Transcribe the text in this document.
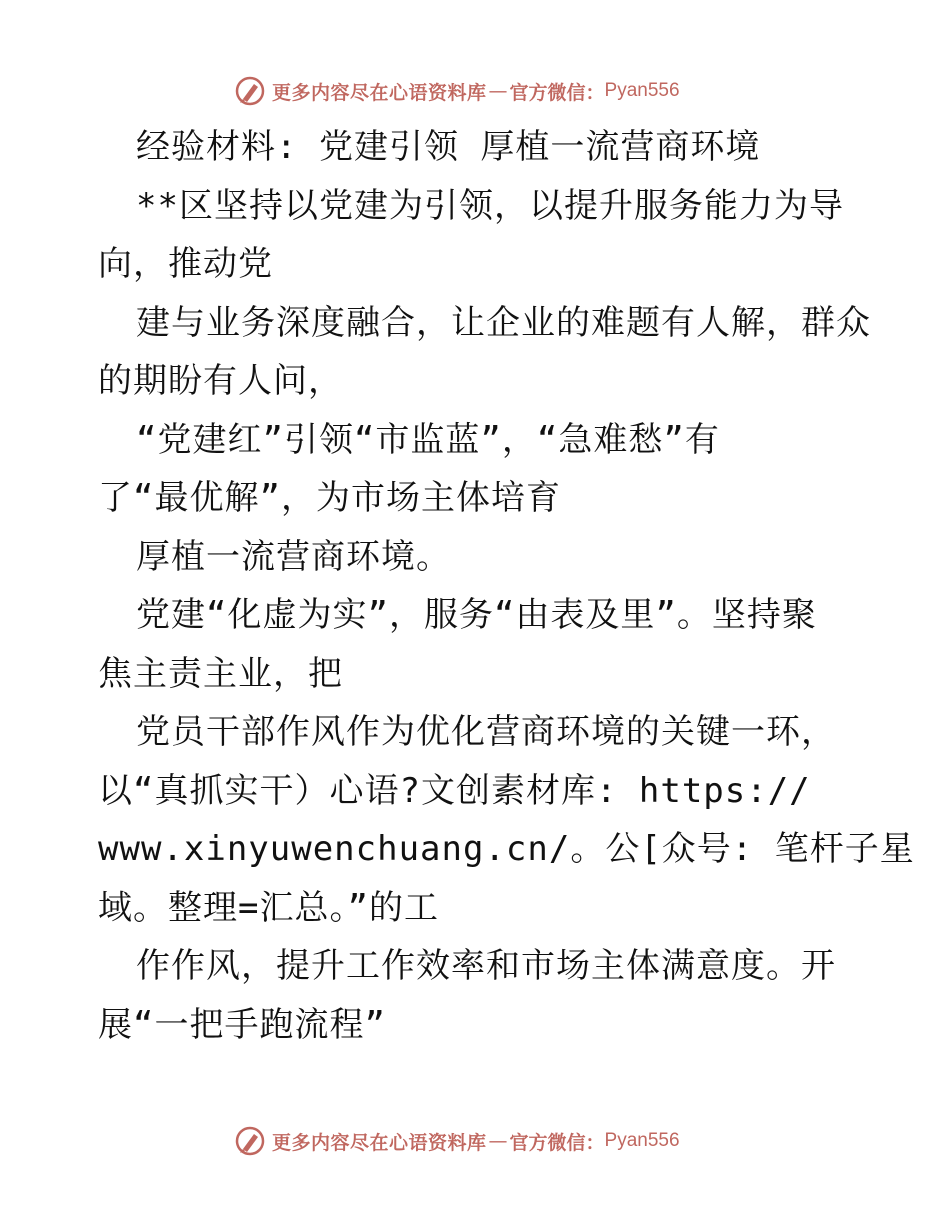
更多内容尽在心语资料库 — 官方微信： Pyan556
经验材料: 党建引领 厚植一流营商环境
**区坚持以党建为引领，以提升服务能力为导
向，推动党
建与业务深度融合，让企业的难题有人解，群众
的期盼有人问，
“党建红”引领“市监蓝”，“急难愁”有
了“最优解”，为市场主体培育
厚植一流营商环境。
党建“化虚为实”，服务“由表及里”。坚持聚
焦主责主业，把
党员干部作风作为优化营商环境的关键一环，
以“真抓实干）心语?文创素材库: https://
www.xinyuwenchuang.cn/。公[众号: 笔杆子星
域。整理=汇总。”的工
作作风，提升工作效率和市场主体满意度。开
展“一把手跑流程”
更多内容尽在心语资料库 — 官方微信： Pyan556
